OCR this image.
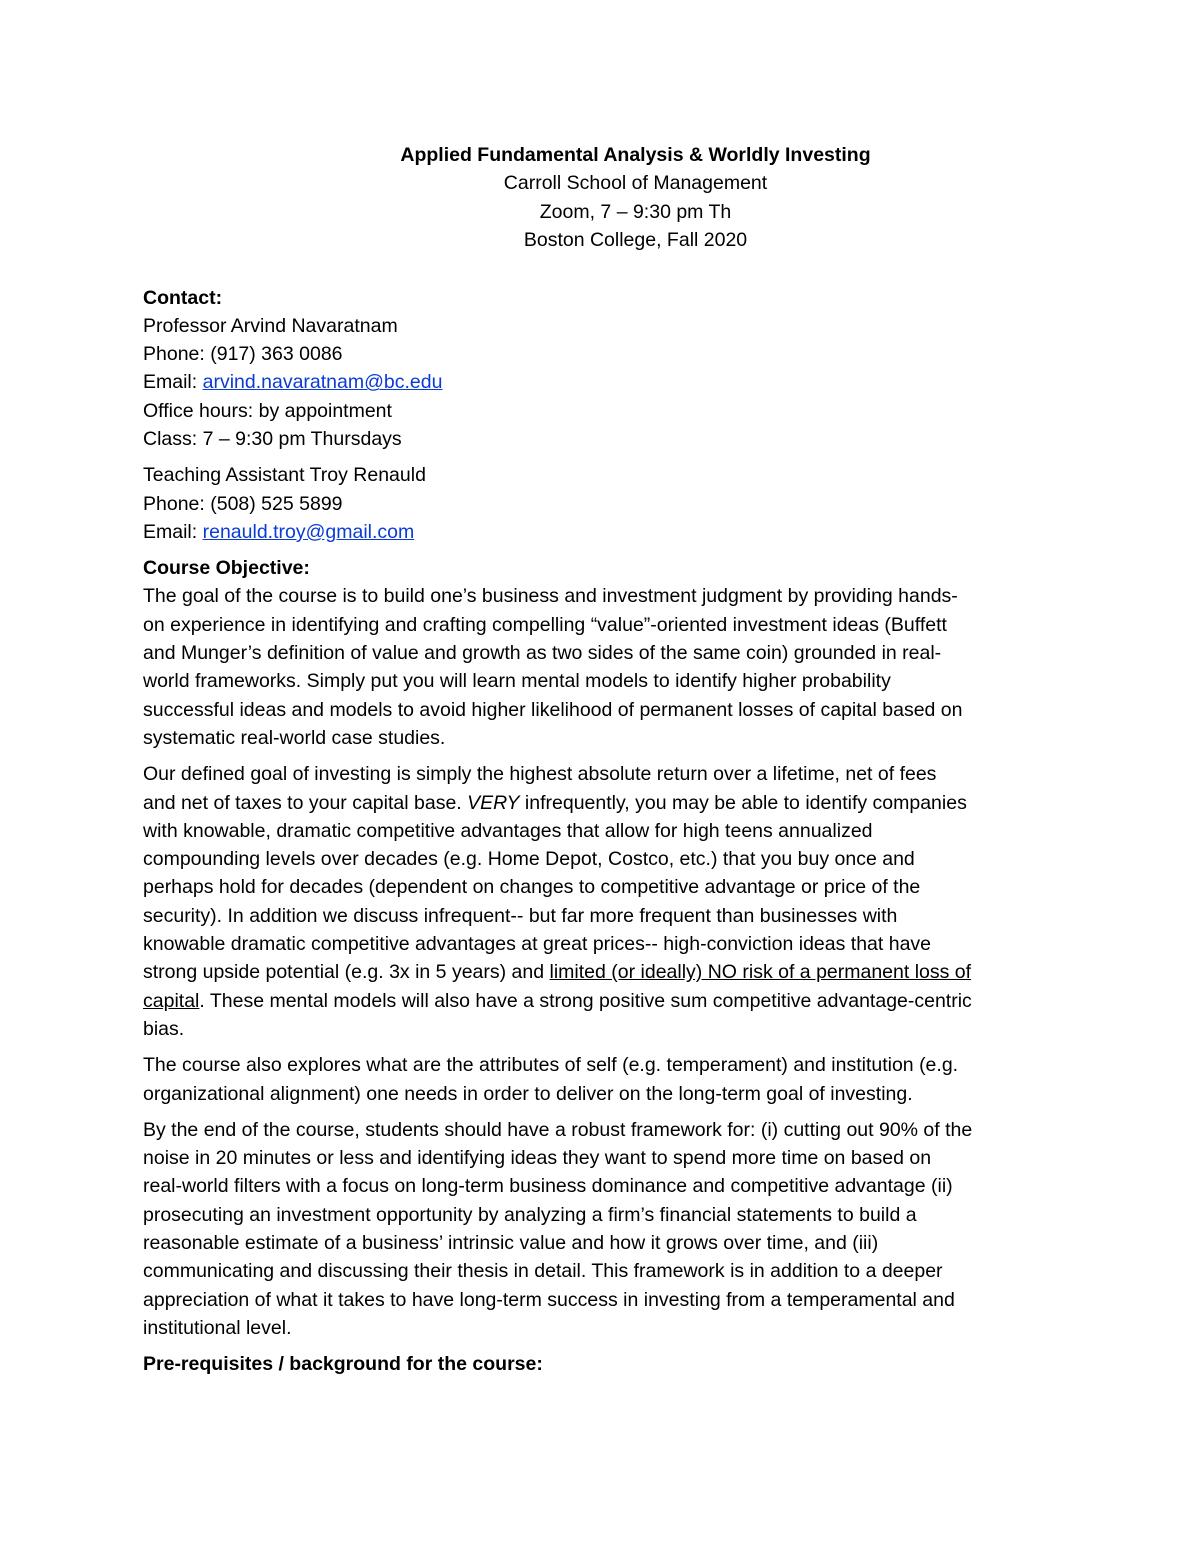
Applied Fundamental Analysis & Worldly Investing
Carroll School of Management
Zoom, 7 – 9:30 pm Th
Boston College, Fall 2020
Contact:
Professor Arvind Navaratnam
Phone: (917) 363 0086
Email: arvind.navaratnam@bc.edu
Office hours: by appointment
Class: 7 – 9:30 pm Thursdays
Teaching Assistant Troy Renauld
Phone: (508) 525 5899
Email: renauld.troy@gmail.com
Course Objective:
The goal of the course is to build one’s business and investment judgment by providing hands-
on experience in identifying and crafting compelling “value”-oriented investment ideas (Buffett
and Munger’s definition of value and growth as two sides of the same coin) grounded in real-
world frameworks. Simply put you will learn mental models to identify higher probability
successful ideas and models to avoid higher likelihood of permanent losses of capital based on
systematic real-world case studies.
Our defined goal of investing is simply the highest absolute return over a lifetime, net of fees
and net of taxes to your capital base. VERY infrequently, you may be able to identify companies
with knowable, dramatic competitive advantages that allow for high teens annualized
compounding levels over decades (e.g. Home Depot, Costco, etc.) that you buy once and
perhaps hold for decades (dependent on changes to competitive advantage or price of the
security). In addition we discuss infrequent-- but far more frequent than businesses with
knowable dramatic competitive advantages at great prices-- high-conviction ideas that have
strong upside potential (e.g. 3x in 5 years) and limited (or ideally) NO risk of a permanent loss of
capital. These mental models will also have a strong positive sum competitive advantage-centric
bias.
The course also explores what are the attributes of self (e.g. temperament) and institution (e.g.
organizational alignment) one needs in order to deliver on the long-term goal of investing.
By the end of the course, students should have a robust framework for: (i) cutting out 90% of the
noise in 20 minutes or less and identifying ideas they want to spend more time on based on
real-world filters with a focus on long-term business dominance and competitive advantage (ii)
prosecuting an investment opportunity by analyzing a firm’s financial statements to build a
reasonable estimate of a business’ intrinsic value and how it grows over time, and (iii)
communicating and discussing their thesis in detail. This framework is in addition to a deeper
appreciation of what it takes to have long-term success in investing from a temperamental and
institutional level.
Pre-requisites / background for the course:
